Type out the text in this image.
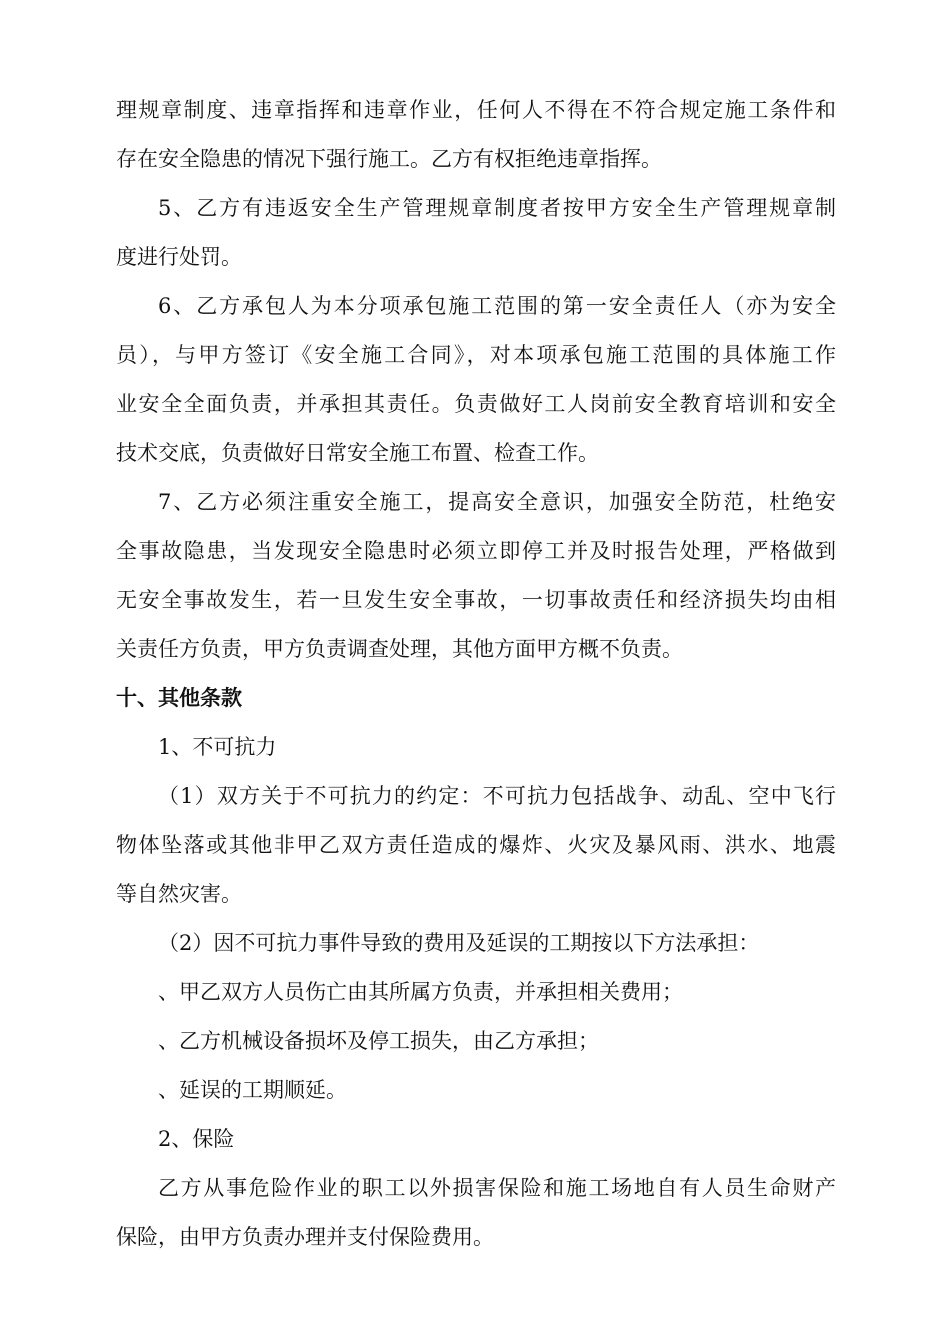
理规章制度、违章指挥和违章作业，任何人不得在不符合规定施工条件和
存在安全隐患的情况下强行施工。乙方有权拒绝违章指挥。
5、乙方有违返安全生产管理规章制度者按甲方安全生产管理规章制
度进行处罚。
6、乙方承包人为本分项承包施工范围的第一安全责任人（亦为安全
员），与甲方签订《安全施工合同》，对本项承包施工范围的具体施工作
业安全全面负责，并承担其责任。负责做好工人岗前安全教育培训和安全
技术交底，负责做好日常安全施工布置、检查工作。
7、乙方必须注重安全施工，提高安全意识，加强安全防范，杜绝安
全事故隐患，当发现安全隐患时必须立即停工并及时报告处理，严格做到
无安全事故发生，若一旦发生安全事故，一切事故责任和经济损失均由相
关责任方负责，甲方负责调查处理，其他方面甲方概不负责。
十、其他条款
1、不可抗力
（1）双方关于不可抗力的约定：不可抗力包括战争、动乱、空中飞行
物体坠落或其他非甲乙双方责任造成的爆炸、火灾及暴风雨、洪水、地震
等自然灾害。
（2）因不可抗力事件导致的费用及延误的工期按以下方法承担：
、甲乙双方人员伤亡由其所属方负责，并承担相关费用；
、乙方机械设备损坏及停工损失，由乙方承担；
、延误的工期顺延。
2、保险
乙方从事危险作业的职工以外损害保险和施工场地自有人员生命财产
保险，由甲方负责办理并支付保险费用。
